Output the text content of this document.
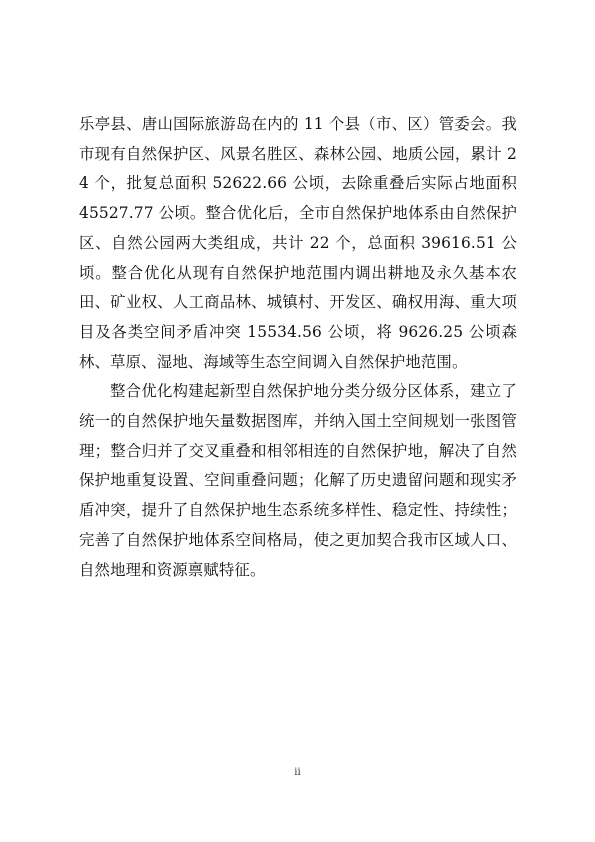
乐亭县、唐山国际旅游岛在内的 11 个县（市、区）管委会。我市现有自然保护区、风景名胜区、森林公园、地质公园，累计 24 个，批复总面积 52622.66 公顷，去除重叠后实际占地面积 45527.77 公顷。整合优化后，全市自然保护地体系由自然保护区、自然公园两大类组成，共计 22 个，总面积 39616.51 公顷。整合优化从现有自然保护地范围内调出耕地及永久基本农田、矿业权、人工商品林、城镇村、开发区、确权用海、重大项目及各类空间矛盾冲突 15534.56 公顷，将 9626.25 公顷森林、草原、湿地、海域等生态空间调入自然保护地范围。

整合优化构建起新型自然保护地分类分级分区体系，建立了统一的自然保护地矢量数据图库，并纳入国土空间规划一张图管理；整合归并了交叉重叠和相邻相连的自然保护地，解决了自然保护地重复设置、空间重叠问题；化解了历史遗留问题和现实矛盾冲突，提升了自然保护地生态系统多样性、稳定性、持续性；完善了自然保护地体系空间格局，使之更加契合我市区域人口、自然地理和资源禀赋特征。

ii
